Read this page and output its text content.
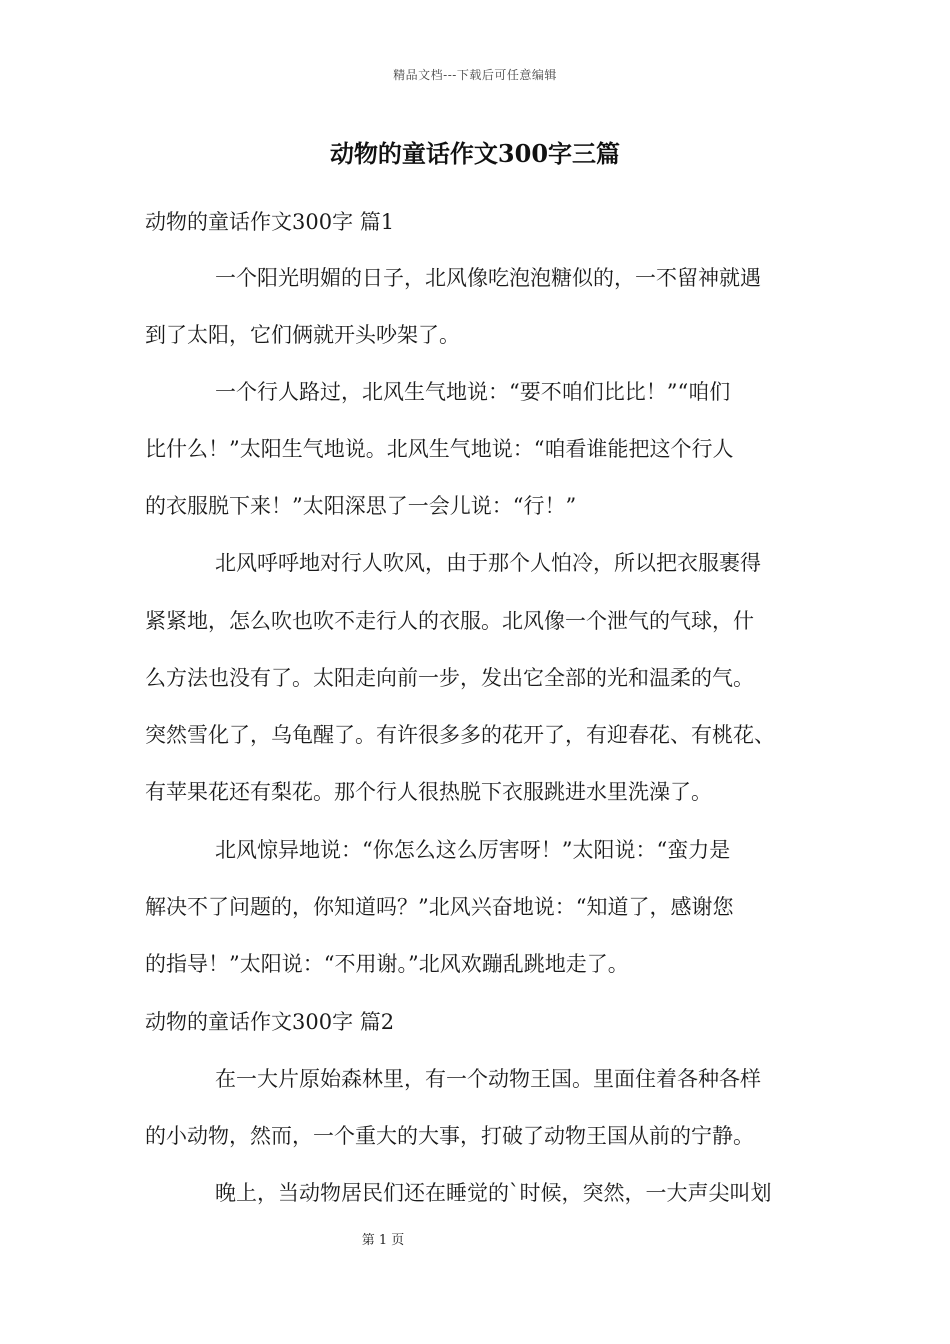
精品文档---下载后可任意编辑
动物的童话作文300字三篇
动物的童话作文300字 篇1
一个阳光明媚的日子，北风像吃泡泡糖似的，一不留神就遇
到了太阳，它们俩就开头吵架了。
一个行人路过，北风生气地说：“要不咱们比比！”“咱们
比什么！”太阳生气地说。北风生气地说：“咱看谁能把这个行人
的衣服脱下来！”太阳深思了一会儿说：“行！”
北风呼呼地对行人吹风，由于那个人怕冷，所以把衣服裹得
紧紧地，怎么吹也吹不走行人的衣服。北风像一个泄气的气球，什
么方法也没有了。太阳走向前一步，发出它全部的光和温柔的气。
突然雪化了，乌龟醒了。有许很多多的花开了，有迎春花、有桃花、
有苹果花还有梨花。那个行人很热脱下衣服跳进水里洗澡了。
北风惊异地说：“你怎么这么厉害呀！”太阳说：“蛮力是
解决不了问题的，你知道吗？”北风兴奋地说：“知道了，感谢您
的指导！”太阳说：“不用谢。”北风欢蹦乱跳地走了。
动物的童话作文300字 篇2
在一大片原始森林里，有一个动物王国。里面住着各种各样
的小动物，然而，一个重大的大事，打破了动物王国从前的宁静。
晚上，当动物居民们还在睡觉的`时候，突然，一大声尖叫划
第 1 页
